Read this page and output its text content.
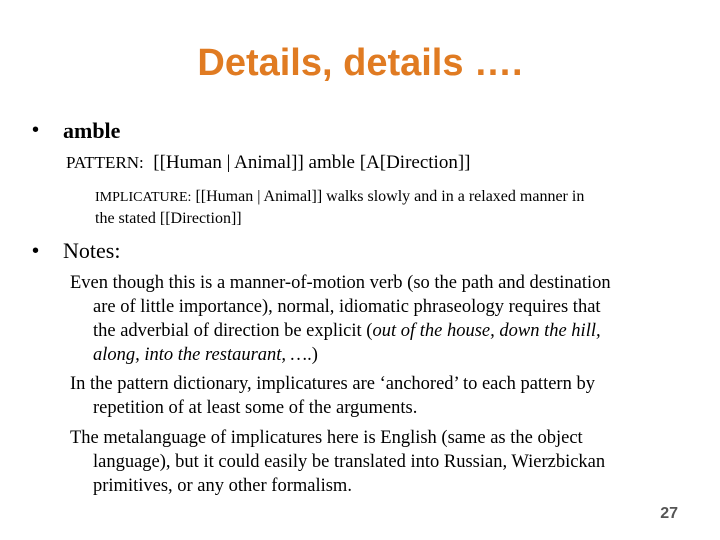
Details, details ….
• amble
PATTERN: [[Human | Animal]] amble [A[Direction]]
IMPLICATURE: [[Human | Animal]] walks slowly and in a relaxed manner in
the stated [[Direction]]
• Notes:
Even though this is a manner-of-motion verb (so the path and destination
are of little importance), normal, idiomatic phraseology requires that
the adverbial of direction be explicit (out of the house, down the hill,
along, into the restaurant, ….)
In the pattern dictionary, implicatures are ‘anchored’ to each pattern by
repetition of at least some of the arguments.
The metalanguage of implicatures here is English (same as the object
language), but it could easily be translated into Russian, Wierzbickan
primitives, or any other formalism.
27
